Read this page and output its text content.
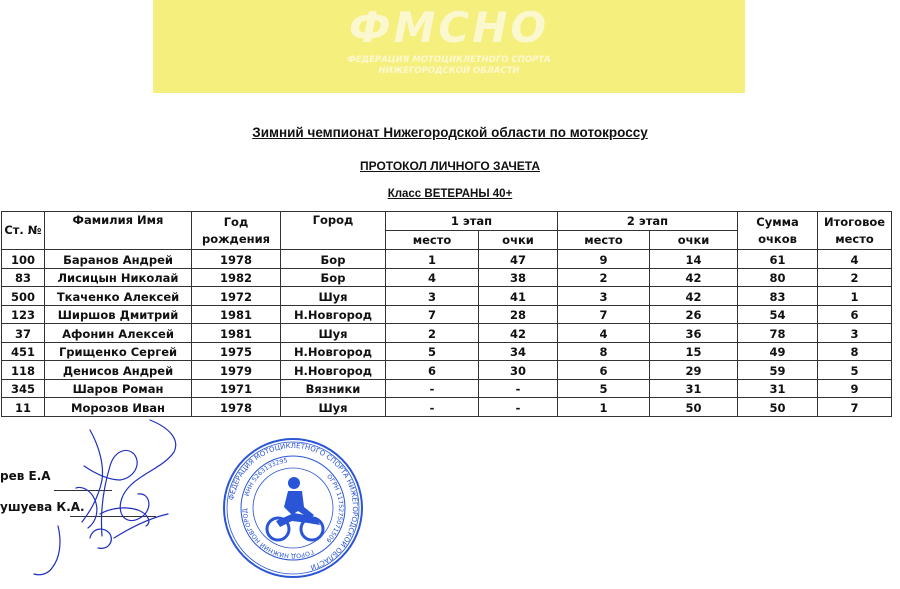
ФМСНО
ФЕДЕРАЦИЯ МОТОЦИКЛЕТНОГО СПОРТА
НИЖЕГОРОДСКОЙ ОБЛАСТИ
Зимний чемпионат Нижегородской области по мотокроссу
ПРОТОКОЛ ЛИЧНОГО ЗАЧЕТА
Класс ВЕТЕРАНЫ 40+
Ст. №	Фамилия Имя	Год рождения	Город	1 этап		2 этап		Сумма очков	Итоговое место
				место	очки	место	очки		
100	Баранов Андрей	1978	Бор	1	47	9	14	61	4
83	Лисицын Николай	1982	Бор	4	38	2	42	80	2
500	Ткаченко Алексей	1972	Шуя	3	41	3	42	83	1
123	Ширшов Дмитрий	1981	Н.Новгород	7	28	7	26	54	6
37	Афонин Алексей	1981	Шуя	2	42	4	36	78	3
451	Грищенко Сергей	1975	Н.Новгород	5	34	8	15	49	8
118	Денисов Андрей	1979	Н.Новгород	6	30	6	29	59	5
345	Шаров Роман	1971	Вязники	-	-	5	31	31	9
11	Морозов Иван	1978	Шуя	-	-	1	50	50	7
рев Е.А
ушуева К.А.
ФЕДЕРАЦИЯ МОТОЦИКЛЕТНОГО СПОРТА НИЖЕГОРОДСКОЙ ОБЛАСТИ
ИНН 5263133295
ОГРН 1175275071509
ГОРОД НИЖНИЙ НОВГОРОД
